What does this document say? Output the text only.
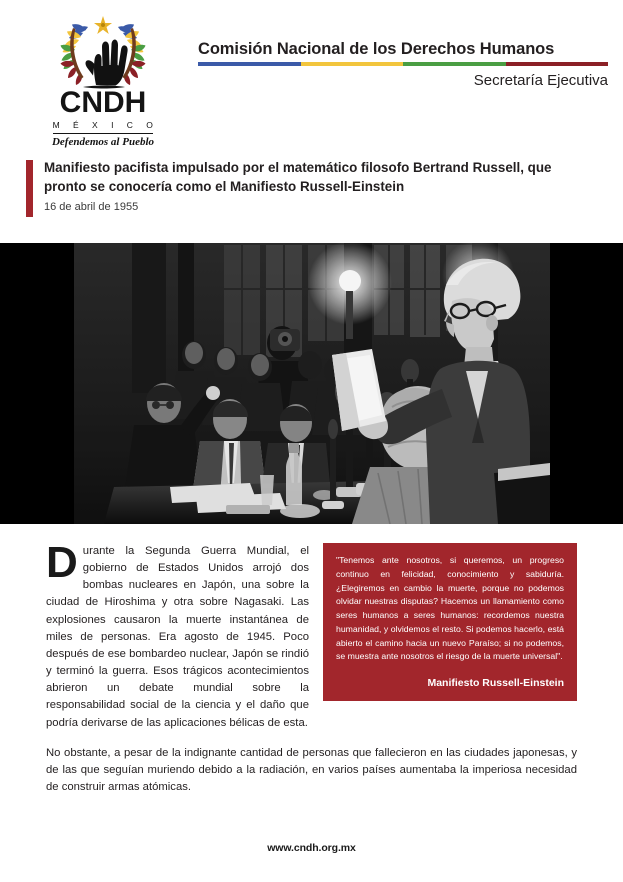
CNDH
M É X I C O
Defendemos al Pueblo
Comisión Nacional de los Derechos Humanos
Secretaría Ejecutiva
Manifiesto pacifista impulsado por el matemático filosofo Bertrand Russell, que pronto se conocería como el Manifiesto Russell-Einstein
16 de abril de 1955

"Tenemos ante nosotros, si queremos, un progreso continuo en felicidad, conocimiento y sabiduría. ¿Elegiremos en cambio la muerte, porque no podemos olvidar nuestras disputas? Hacemos un llamamiento como seres humanos a seres humanos: recordemos nuestra humanidad, y olvidemos el resto. Si podemos hacerlo, está abierto el camino hacia un nuevo Paraíso; si no podemos, se muestra ante nosotros el riesgo de la muerte universal".

Manifiesto Russell-Einstein

Durante la Segunda Guerra Mundial, el gobierno de Estados Unidos arrojó dos bombas nucleares en Japón, una sobre la ciudad de Hiroshima y otra sobre Nagasaki. Las explosiones causaron la muerte instantánea de miles de personas. Era agosto de 1945. Poco después de ese bombardeo nuclear, Japón se rindió y terminó la guerra. Esos trágicos acontecimientos abrieron un debate mundial sobre la responsabilidad social de la ciencia y el daño que podría derivarse de las aplicaciones bélicas de esta.

No obstante, a pesar de la indignante cantidad de personas que fallecieron en las ciudades japonesas, y de las que seguían muriendo debido a la radiación, en varios países aumentaba la imperiosa necesidad de construir armas atómicas.

www.cndh.org.mx
